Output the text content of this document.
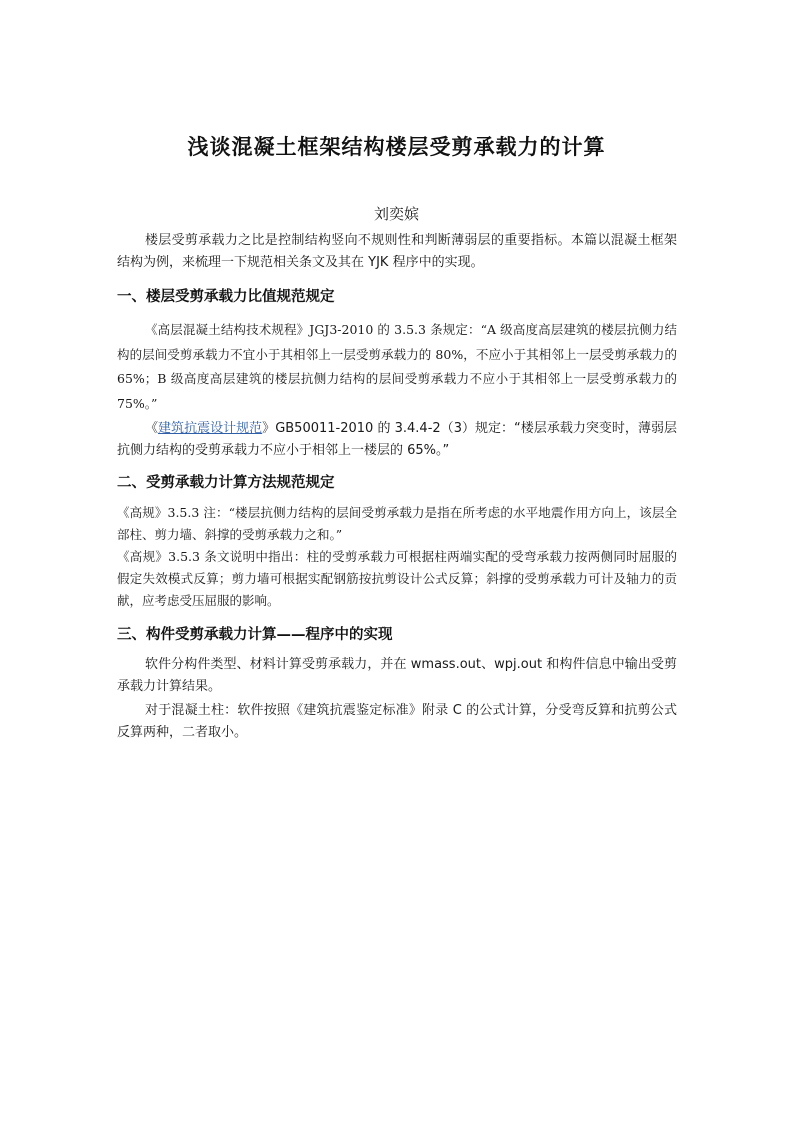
浅谈混凝土框架结构楼层受剪承载力的计算
刘奕嫔

楼层受剪承载力之比是控制结构竖向不规则性和判断薄弱层的重要指标。本篇以混凝土框架结构为例，来梳理一下规范相关条文及其在 YJK 程序中的实现。

一、楼层受剪承载力比值规范规定

《高层混凝土结构技术规程》JGJ3-2010 的 3.5.3 条规定：“A 级高度高层建筑的楼层抗侧力结构的层间受剪承载力不宜小于其相邻上一层受剪承载力的 80%，不应小于其相邻上一层受剪承载力的 65%；B 级高度高层建筑的楼层抗侧力结构的层间受剪承载力不应小于其相邻上一层受剪承载力的 75%。”

《建筑抗震设计规范》GB50011-2010 的 3.4.4-2（3）规定：“楼层承载力突变时，薄弱层抗侧力结构的受剪承载力不应小于相邻上一楼层的 65%。”

二、受剪承载力计算方法规范规定

《高规》3.5.3 注：“楼层抗侧力结构的层间受剪承载力是指在所考虑的水平地震作用方向上，该层全部柱、剪力墙、斜撑的受剪承载力之和。”

《高规》3.5.3 条文说明中指出：柱的受剪承载力可根据柱两端实配的受弯承载力按两侧同时屈服的假定失效模式反算；剪力墙可根据实配钢筋按抗剪设计公式反算；斜撑的受剪承载力可计及轴力的贡献，应考虑受压屈服的影响。

三、构件受剪承载力计算——程序中的实现

软件分构件类型、材料计算受剪承载力，并在 wmass.out、wpj.out 和构件信息中输出受剪承载力计算结果。

对于混凝土柱：软件按照《建筑抗震鉴定标准》附录 C 的公式计算，分受弯反算和抗剪公式反算两种，二者取小。
